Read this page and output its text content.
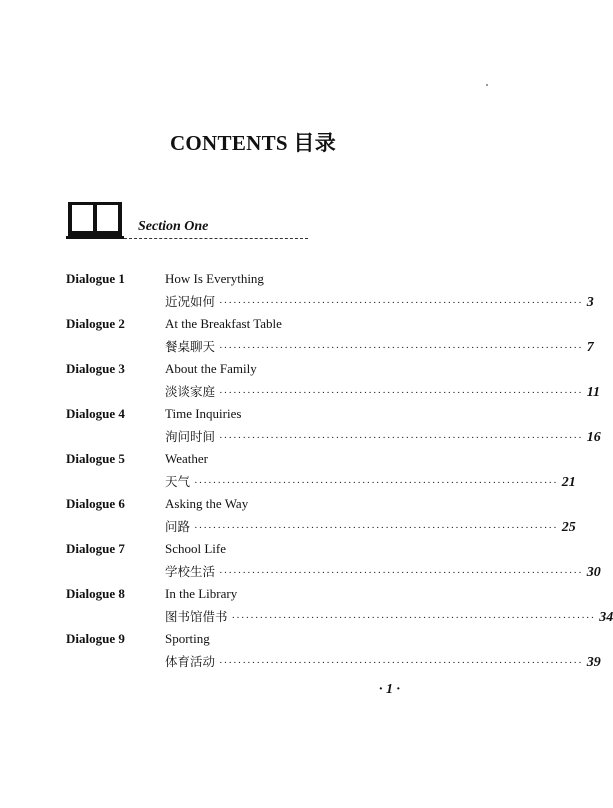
CONTENTS 目录
Section One
Dialogue 1	How Is Everything
近况如何 ·············································································· 3
Dialogue 2	At the Breakfast Table
餐桌聊天 ·············································································· 7
Dialogue 3	About the Family
淡谈家庭 ·············································································· 11
Dialogue 4	Time Inquiries
洵问时间 ·············································································· 16
Dialogue 5	Weather
天气 ·············································································· 21
Dialogue 6	Asking the Way
问路 ·············································································· 25
Dialogue 7	School Life
学校生活 ·············································································· 30
Dialogue 8	In the Library
图书馆借书 ·············································································· 34
Dialogue 9	Sporting
体育活动 ·············································································· 39
· 1 ·
